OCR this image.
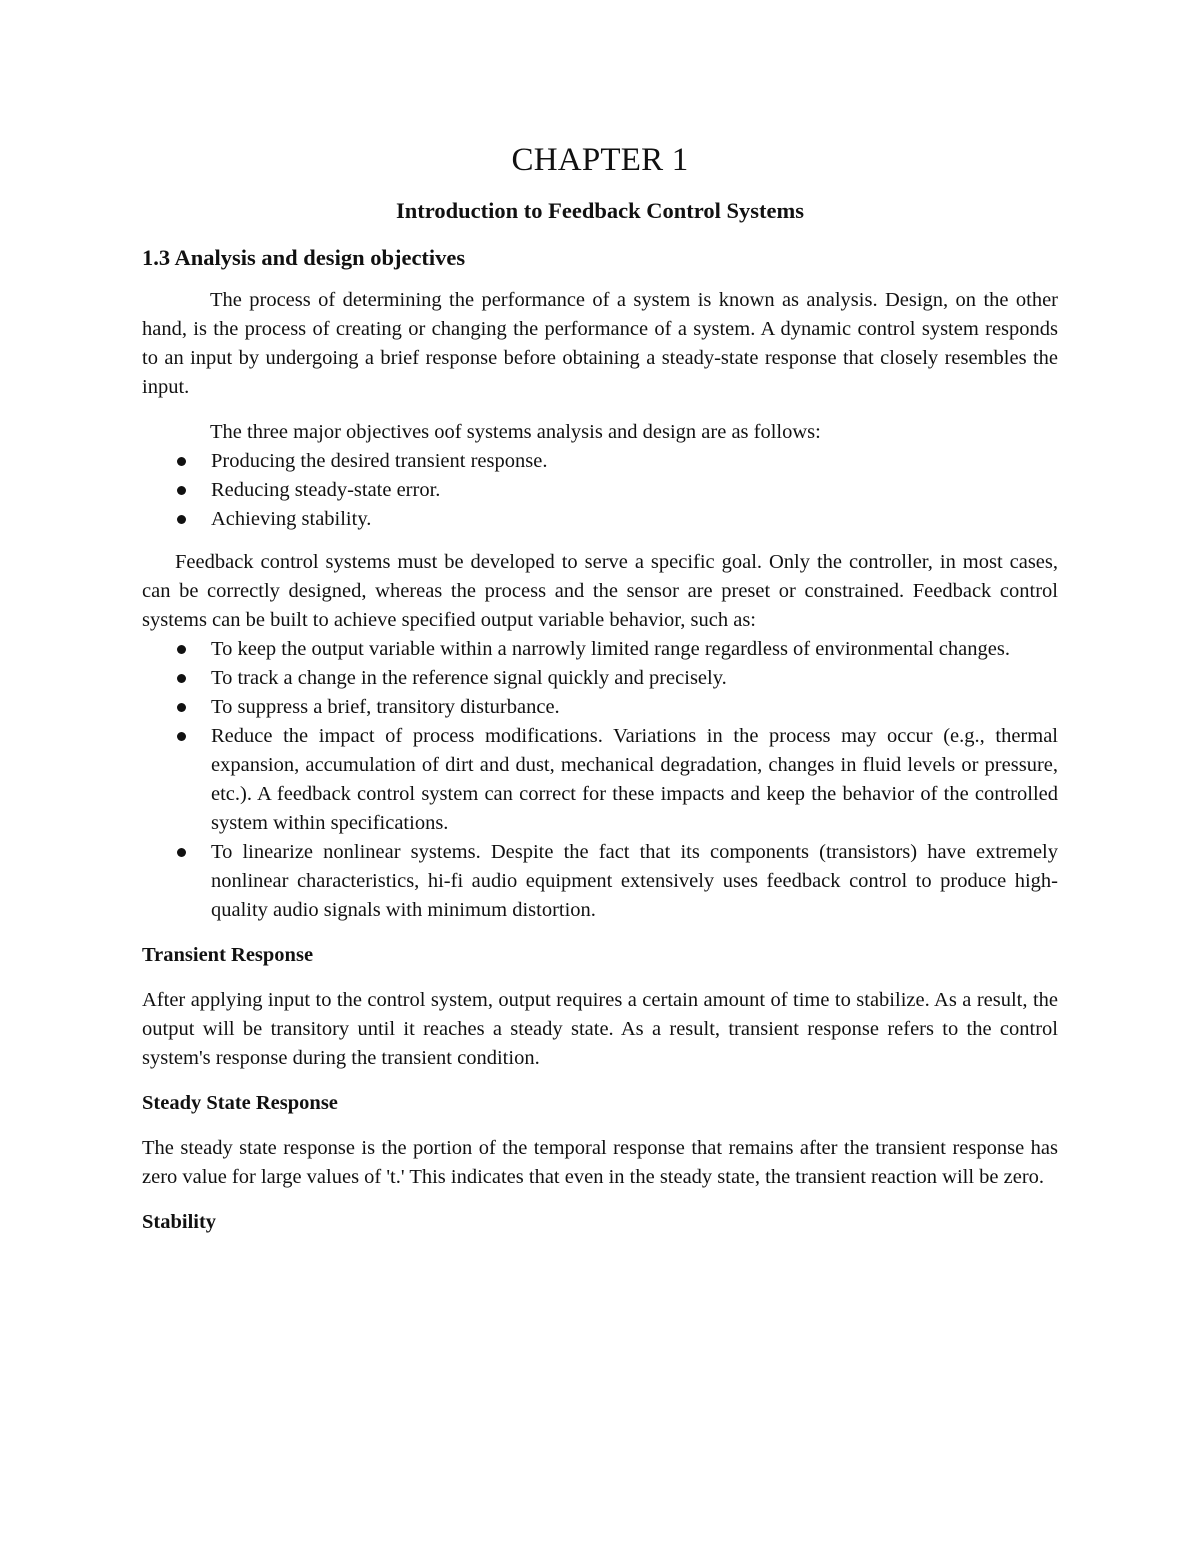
CHAPTER 1
Introduction to Feedback Control Systems
1.3 Analysis and design objectives

The process of determining the performance of a system is known as analysis. Design, on the other hand, is the process of creating or changing the performance of a system. A dynamic control system responds to an input by undergoing a brief response before obtaining a steady-state response that closely resembles the input.

The three major objectives oof systems analysis and design are as follows:

Producing the desired transient response.
Reducing steady-state error.
Achieving stability.

Feedback control systems must be developed to serve a specific goal. Only the controller, in most cases, can be correctly designed, whereas the process and the sensor are preset or constrained. Feedback control systems can be built to achieve specified output variable behavior, such as:

To keep the output variable within a narrowly limited range regardless of environmental changes.
To track a change in the reference signal quickly and precisely.
To suppress a brief, transitory disturbance.
Reduce the impact of process modifications. Variations in the process may occur (e.g., thermal expansion, accumulation of dirt and dust, mechanical degradation, changes in fluid levels or pressure, etc.). A feedback control system can correct for these impacts and keep the behavior of the controlled system within specifications.
To linearize nonlinear systems. Despite the fact that its components (transistors) have extremely nonlinear characteristics, hi-fi audio equipment extensively uses feedback control to produce high-quality audio signals with minimum distortion.
Transient Response

After applying input to the control system, output requires a certain amount of time to stabilize. As a result, the output will be transitory until it reaches a steady state. As a result, transient response refers to the control system's response during the transient condition.

Steady State Response

The steady state response is the portion of the temporal response that remains after the transient response has zero value for large values of 't.' This indicates that even in the steady state, the transient reaction will be zero.

Stability
